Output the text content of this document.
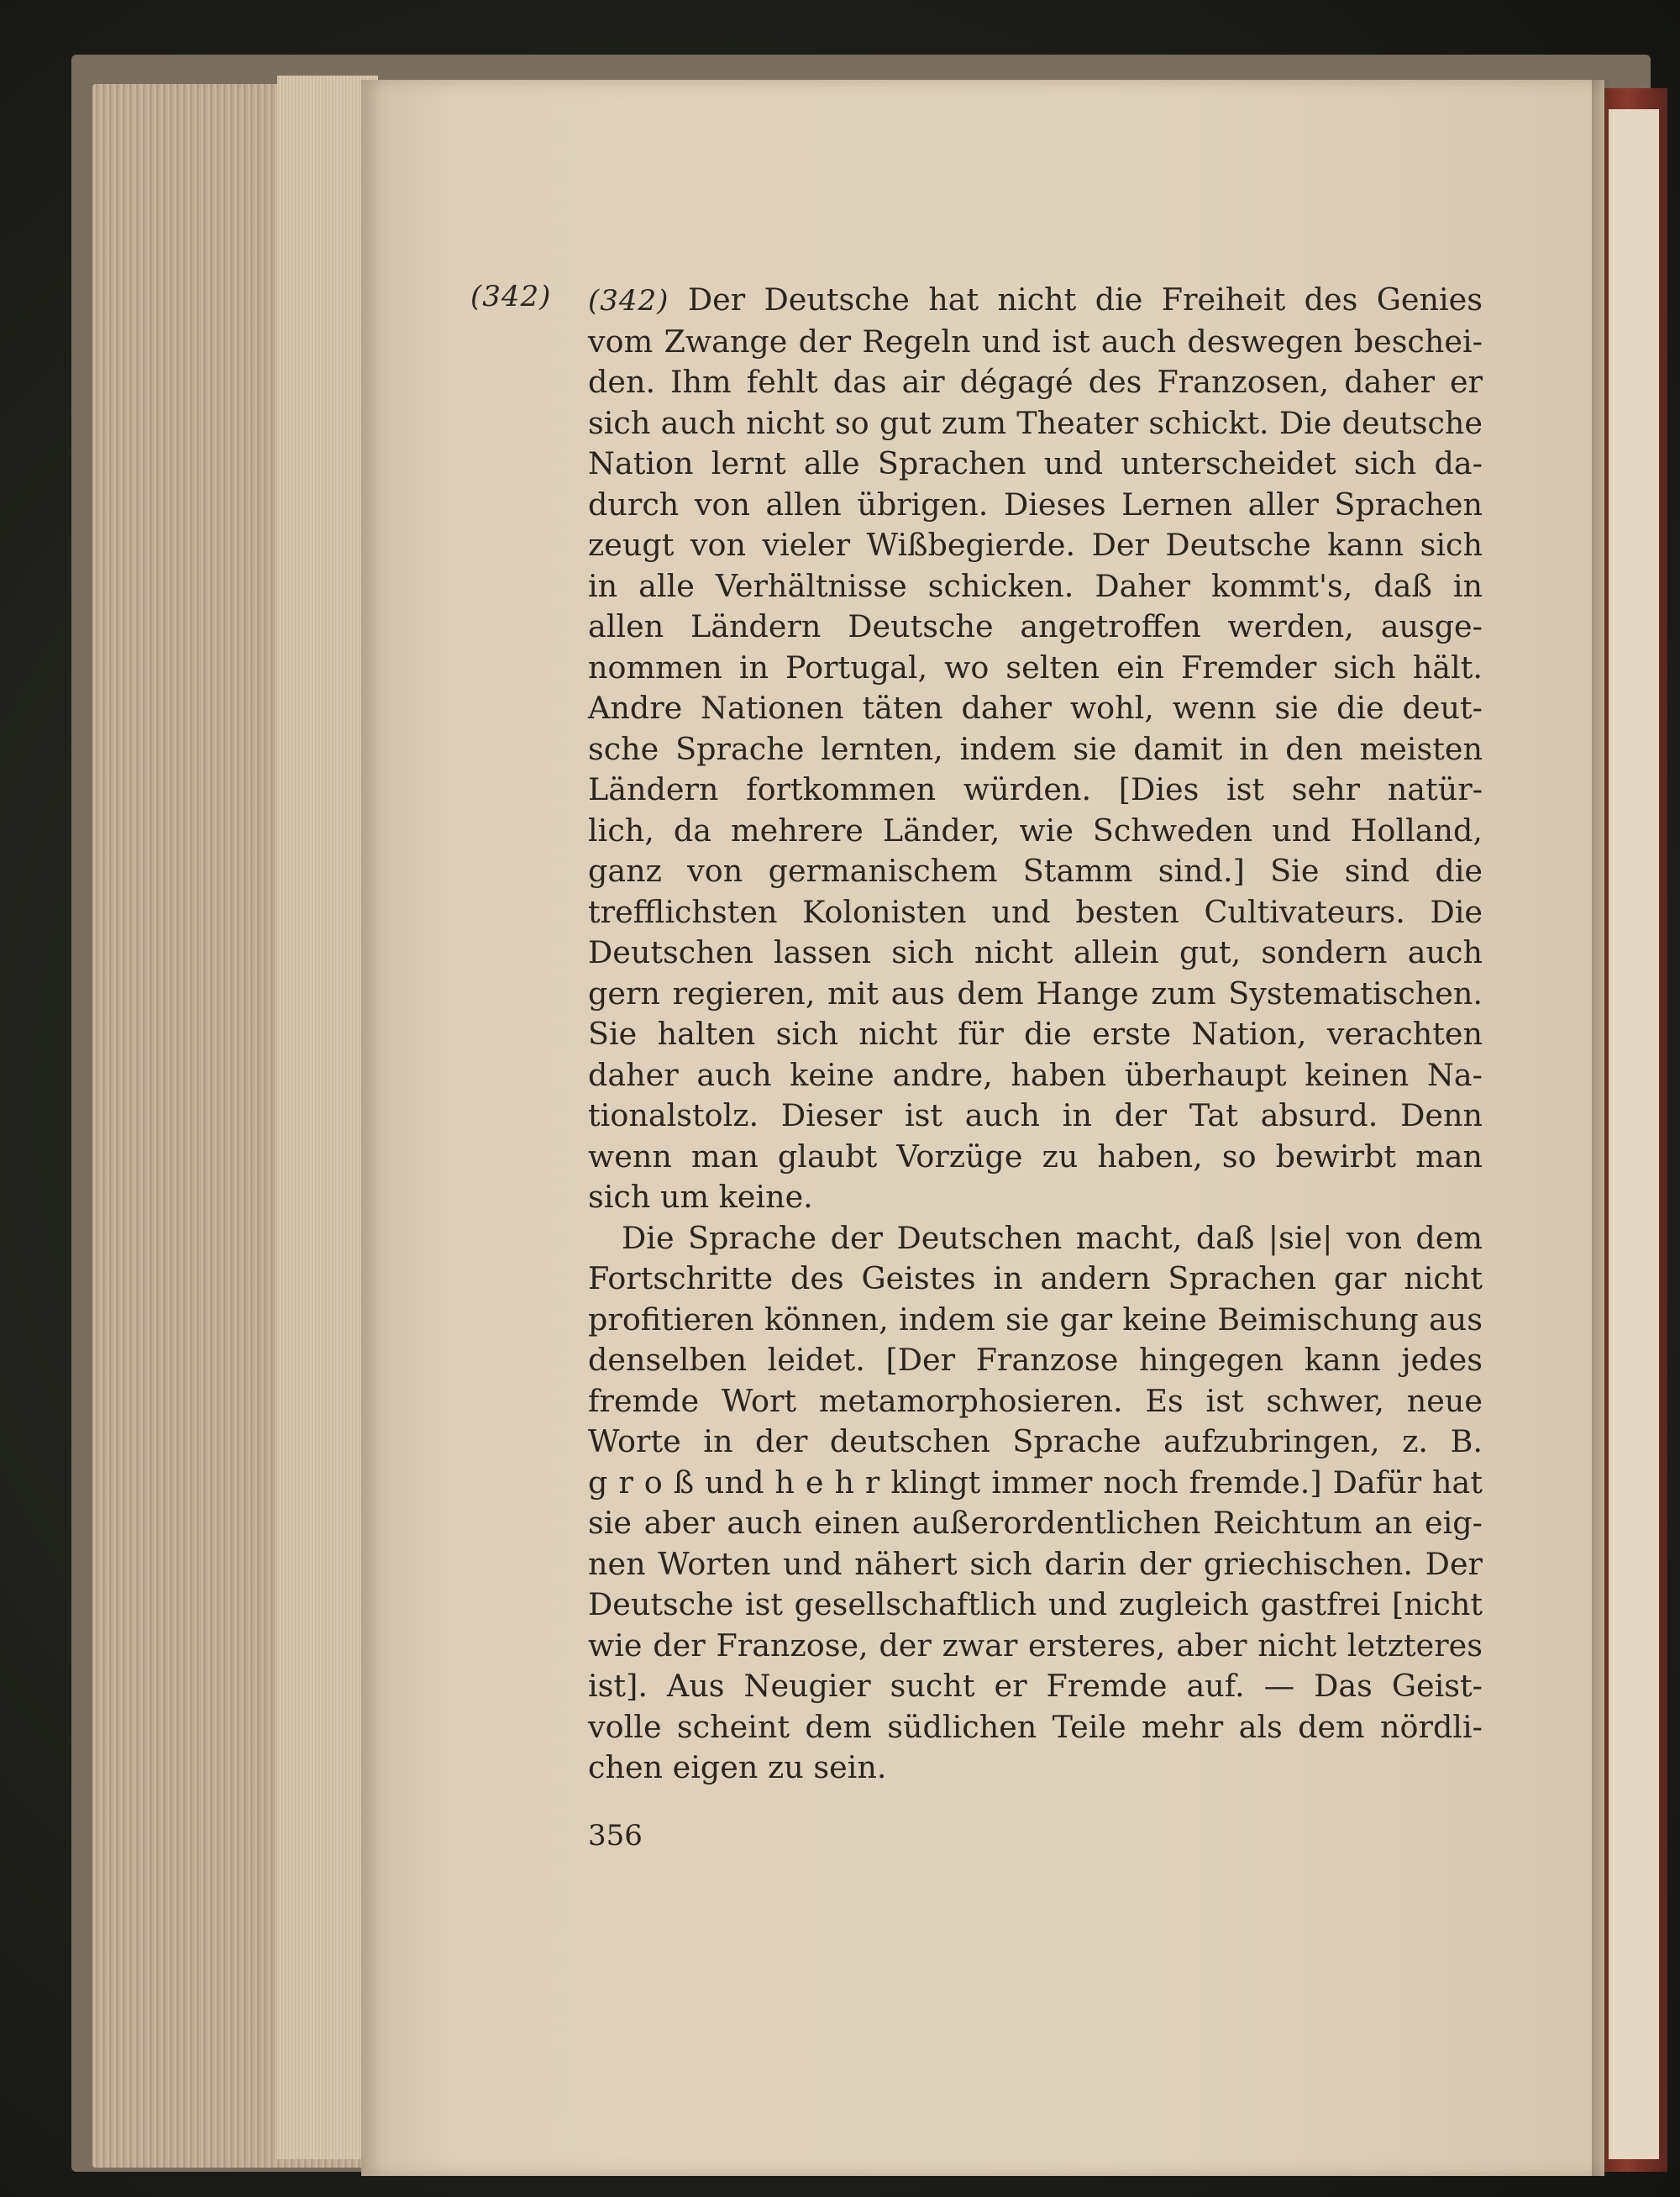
(342) (342) Der Deutsche hat nicht die Freiheit des Genies
vom Zwange der Regeln und ist auch deswegen beschei-
den. Ihm fehlt das air dégagé des Franzosen, daher er
sich auch nicht so gut zum Theater schickt. Die deutsche
Nation lernt alle Sprachen und unterscheidet sich da-
durch von allen übrigen. Dieses Lernen aller Sprachen
zeugt von vieler Wißbegierde. Der Deutsche kann sich
in alle Verhältnisse schicken. Daher kommt's, daß in
allen Ländern Deutsche angetroffen werden, ausge-
nommen in Portugal, wo selten ein Fremder sich hält.
Andre Nationen täten daher wohl, wenn sie die deut-
sche Sprache lernten, indem sie damit in den meisten
Ländern fortkommen würden. [Dies ist sehr natür-
lich, da mehrere Länder, wie Schweden und Holland,
ganz von germanischem Stamm sind.] Sie sind die
trefflichsten Kolonisten und besten Cultivateurs. Die
Deutschen lassen sich nicht allein gut, sondern auch
gern regieren, mit aus dem Hange zum Systematischen.
Sie halten sich nicht für die erste Nation, verachten
daher auch keine andre, haben überhaupt keinen Na-
tionalstolz. Dieser ist auch in der Tat absurd. Denn
wenn man glaubt Vorzüge zu haben, so bewirbt man
sich um keine.
Die Sprache der Deutschen macht, daß |sie| von dem
Fortschritte des Geistes in andern Sprachen gar nicht
profitieren können, indem sie gar keine Beimischung aus
denselben leidet. [Der Franzose hingegen kann jedes
fremde Wort metamorphosieren. Es ist schwer, neue
Worte in der deutschen Sprache aufzubringen, z. B.
g r o ß und h e h r klingt immer noch fremde.] Dafür hat
sie aber auch einen außerordentlichen Reichtum an eig-
nen Worten und nähert sich darin der griechischen. Der
Deutsche ist gesellschaftlich und zugleich gastfrei [nicht
wie der Franzose, der zwar ersteres, aber nicht letzteres
ist]. Aus Neugier sucht er Fremde auf. — Das Geist-
volle scheint dem südlichen Teile mehr als dem nördli-
chen eigen zu sein.
356
